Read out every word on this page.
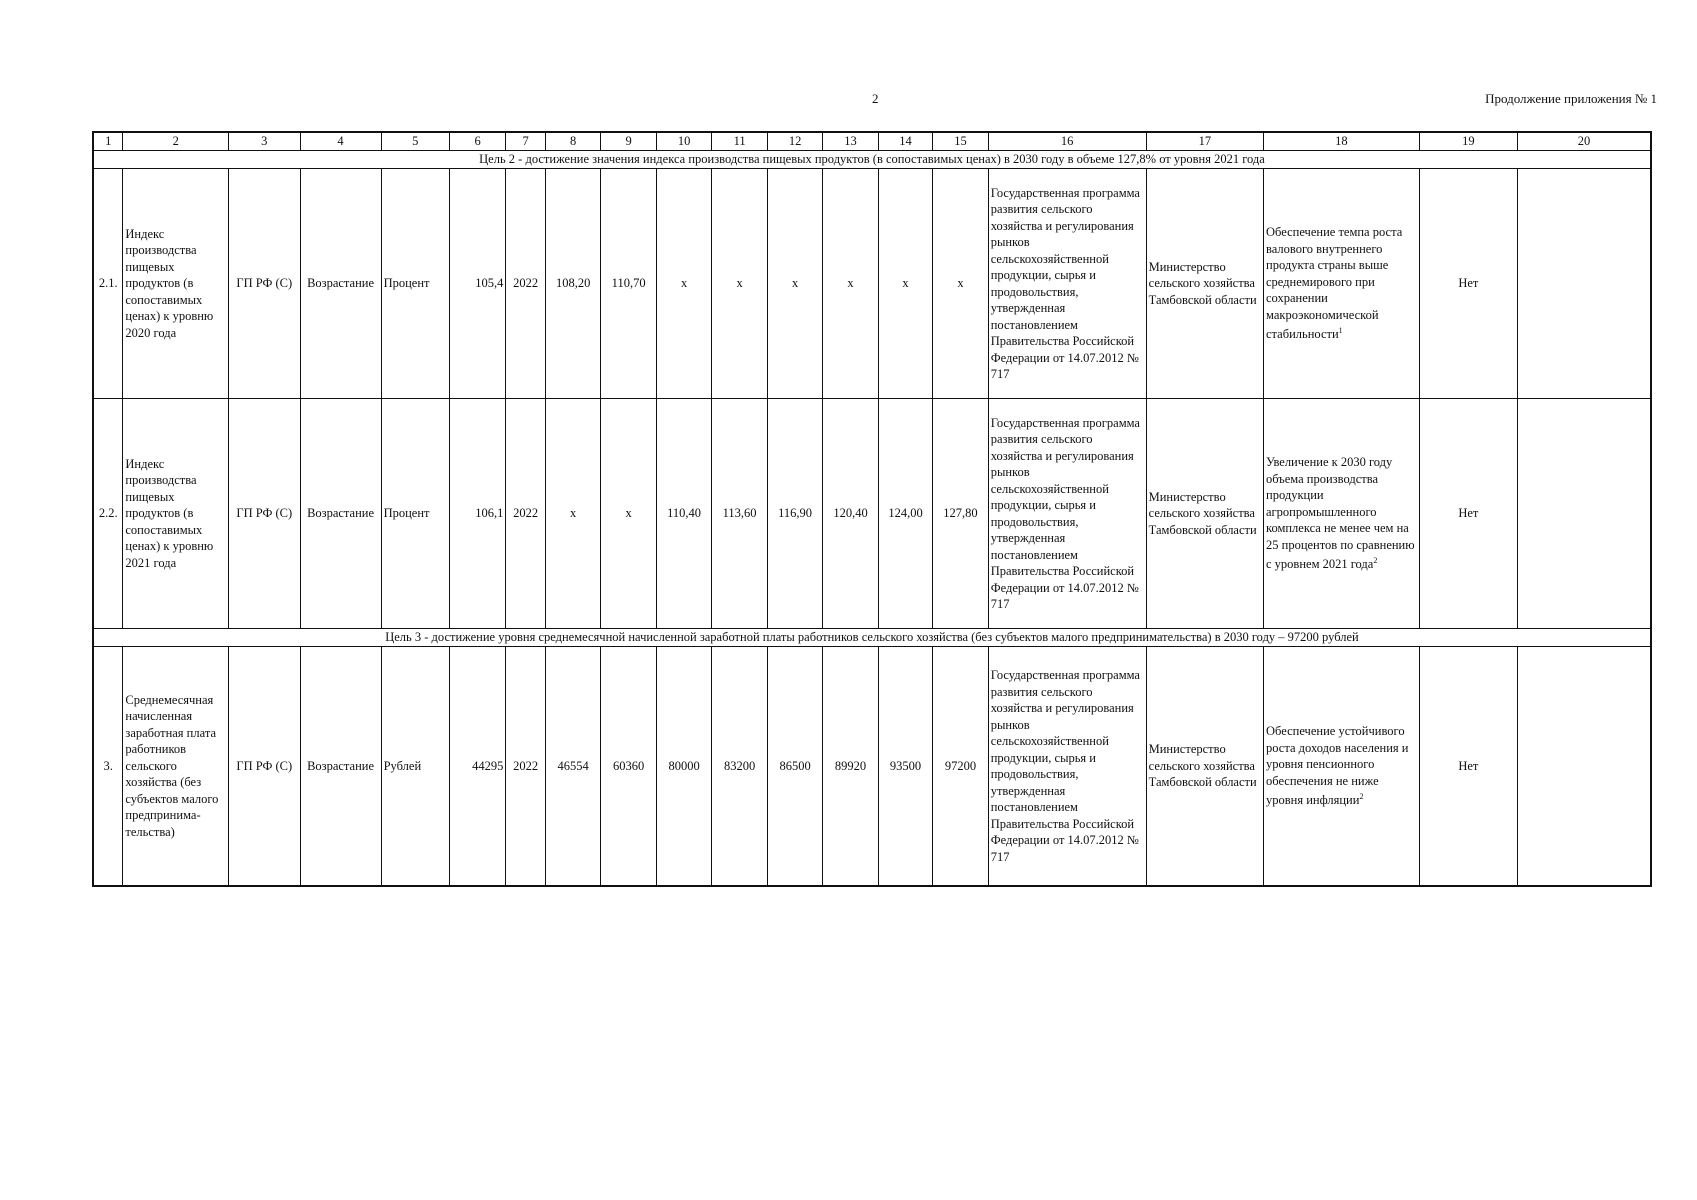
2	Продолжение приложения № 1
1	2	3	4	5	6	7	8	9	10	11	12	13	14	15	16	17	18	19	20
Цель 2 - достижение значения индекса производства пищевых продуктов (в сопоставимых ценах) в 2030 году в объеме 127,8% от уровня 2021 года																			
2.1.	Индекс производства пищевых продуктов (в сопоставимых ценах) к уровню 2020 года	ГП РФ (С)	Возрастание	Процент	105,4	2022	108,20	110,70	х	х	х	х	х	х	Государственная программа развития сельского хозяйства и регулирования рынков сельскохозяйственной продукции, сырья и продовольствия, утвержденная постановлением Правительства Российской Федерации от 14.07.2012 № 717	Министерство сельского хозяйства Тамбовской области	Обеспечение темпа роста валового внутреннего продукта страны выше среднемирового при сохранении макроэкономической стабильности$^1$	Нет	
2.2.	Индекс производства пищевых продуктов (в сопоставимых ценах) к уровню 2021 года	ГП РФ (С)	Возрастание	Процент	106,1	2022	х	х	110,40	113,60	116,90	120,40	124,00	127,80	Государственная программа развития сельского хозяйства и регулирования рынков сельскохозяйственной продукции, сырья и продовольствия, утвержденная постановлением Правительства Российской Федерации от 14.07.2012 № 717	Министерство сельского хозяйства Тамбовской области	Увеличение к 2030 году объема производства продукции агропромышленного комплекса не менее чем на 25 процентов по сравнению с уровнем 2021 года$^2$	Нет	
Цель 3 - достижение уровня среднемесячной начисленной заработной платы работников сельского хозяйства (без субъектов малого предпринимательства) в 2030 году – 97200 рублей																			
3.	Среднемесячная начисленная заработная плата работников сельского хозяйства (без субъектов малого предпринима-тельства)	ГП РФ (С)	Возрастание	Рублей	44295	2022	46554	60360	80000	83200	86500	89920	93500	97200	Государственная программа развития сельского хозяйства и регулирования рынков сельскохозяйственной продукции, сырья и продовольствия, утвержденная постановлением Правительства Российской Федерации от 14.07.2012 № 717	Министерство сельского хозяйства Тамбовской области	Обеспечение устойчивого роста доходов населения и уровня пенсионного обеспечения не ниже уровня инфляции$^2$	Нет	
